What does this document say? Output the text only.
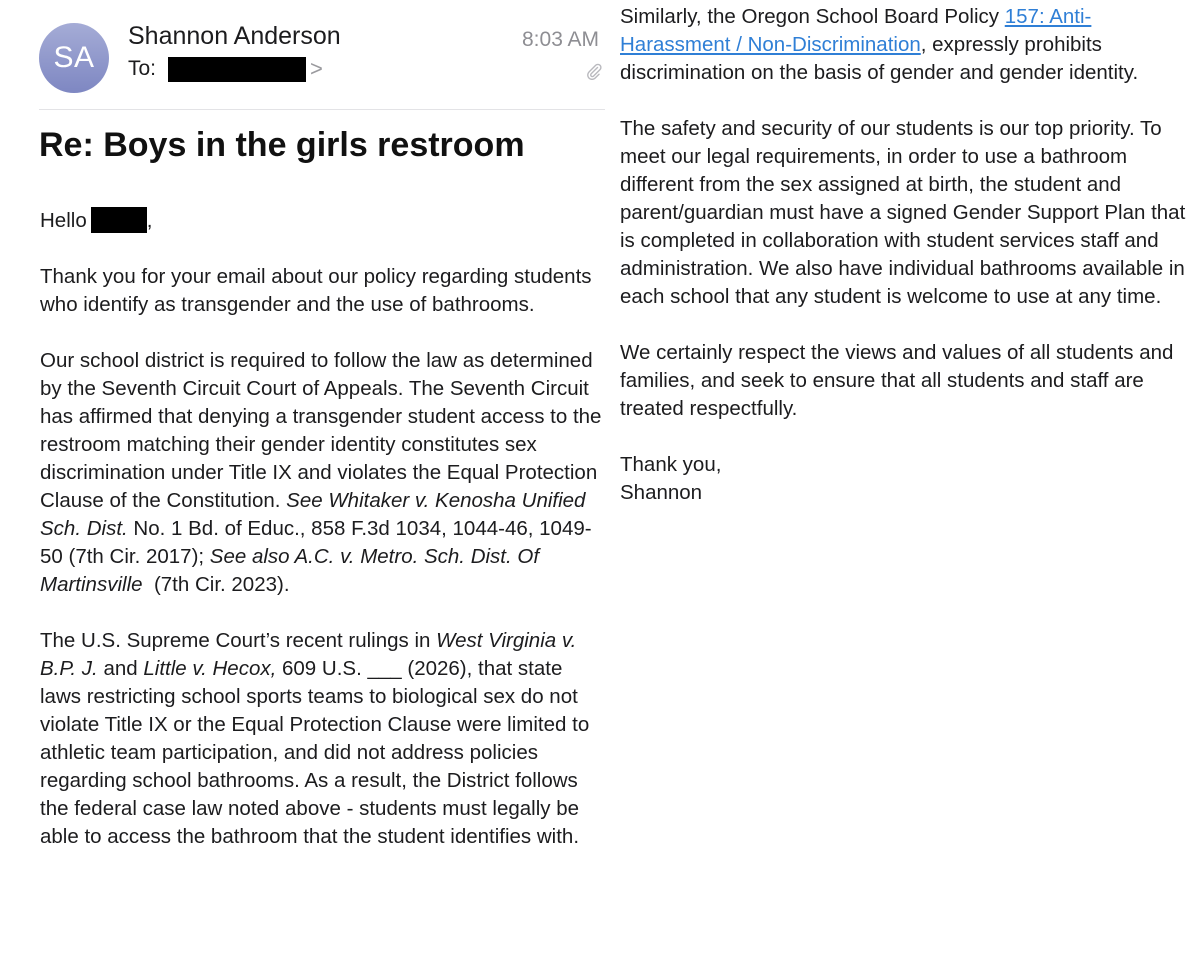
SA
Shannon Anderson
To:	>
8:03 AM
Re: Boys in the girls restroom

Hello	,

Thank you for your email about our policy regarding students who identify as transgender and the use of bathrooms.

Our school district is required to follow the law as determined by the Seventh Circuit Court of Appeals. The Seventh Circuit has affirmed that denying a transgender student access to the restroom matching their gender identity constitutes sex discrimination under Title IX and violates the Equal Protection Clause of the Constitution. See Whitaker v. Kenosha Unified Sch. Dist. No. 1 Bd. of Educ., 858 F.3d 1034, 1044-46, 1049-50 (7th Cir. 2017); See also A.C. v. Metro. Sch. Dist. Of Martinsville (7th Cir. 2023).

The U.S. Supreme Court’s recent rulings in West Virginia v. B.P. J. and Little v. Hecox, 609 U.S. ___ (2026), that state laws restricting school sports teams to biological sex do not violate Title IX or the Equal Protection Clause were limited to athletic team participation, and did not address policies regarding school bathrooms. As a result, the District follows the federal case law noted above - students must legally be able to access the bathroom that the student identifies with.

Similarly, the Oregon School Board Policy 157: Anti-Harassment / Non-Discrimination, expressly prohibits discrimination on the basis of gender and gender identity.

The safety and security of our students is our top priority. To meet our legal requirements, in order to use a bathroom different from the sex assigned at birth, the student and parent/guardian must have a signed Gender Support Plan that is completed in collaboration with student services staff and administration. We also have individual bathrooms available in each school that any student is welcome to use at any time.

We certainly respect the views and values of all students and families, and seek to ensure that all students and staff are treated respectfully.

Thank you,
Shannon
